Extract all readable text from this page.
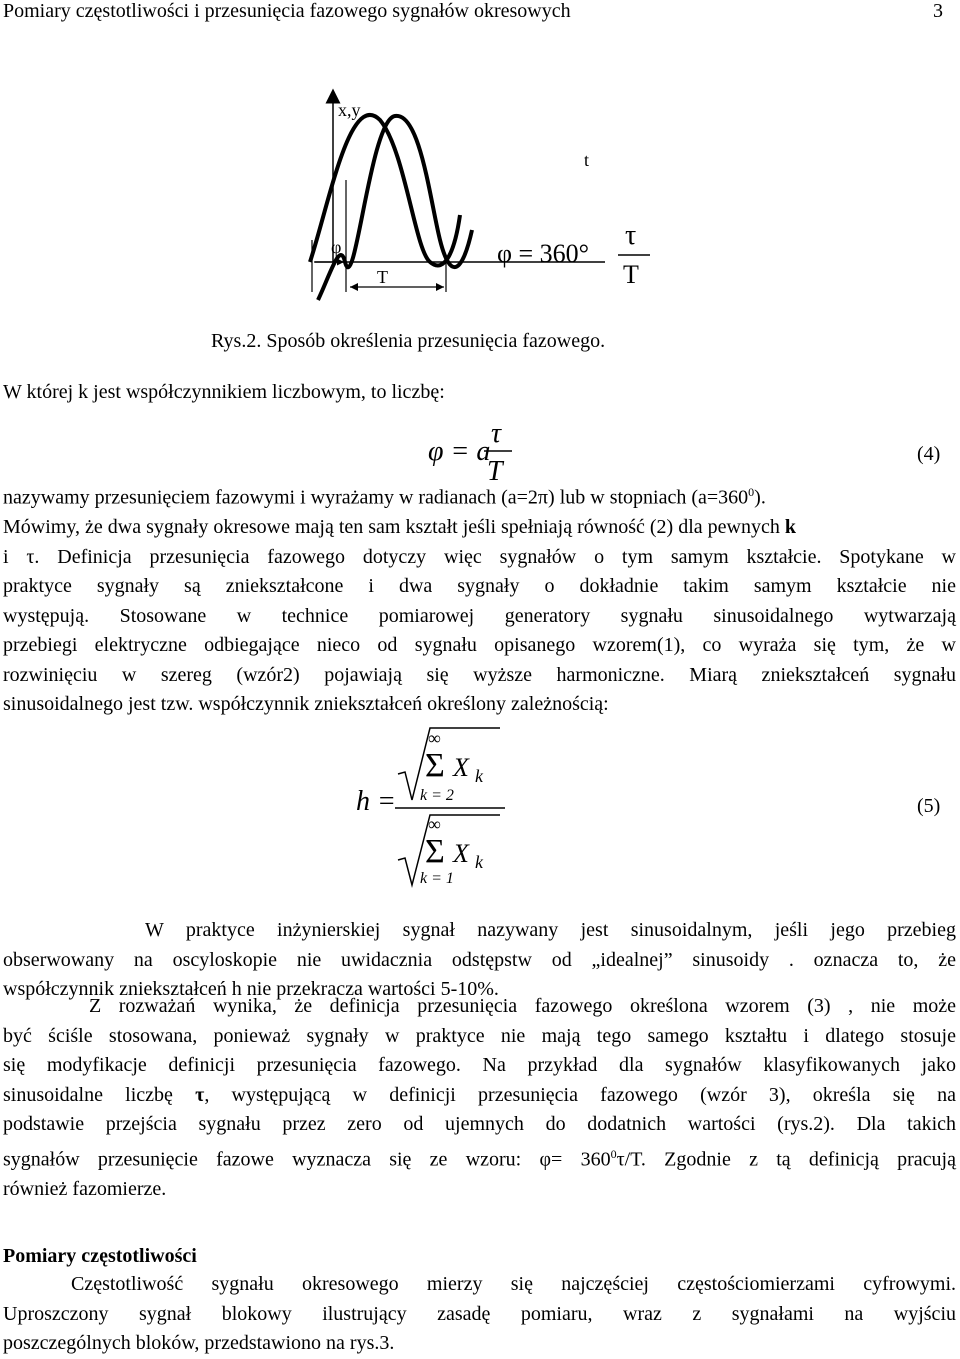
Pomiary częstotliwości i przesunięcia fazowego sygnałów okresowych	3
x,y
t
φ
T
φ = 360°
τ
T
Rys.2. Sposób określenia przesunięcia fazowego.
W której k jest współczynnikiem liczbowym, to liczbę:
φ = a
τ
T
(4)
nazywamy przesunięciem fazowymi i wyrażamy w radianach (a=2π) lub w stopniach $(a=360^0)$.
Mówimy, że dwa sygnały okresowe mają ten sam kształt jeśli spełniają równość (2) dla pewnych k
i τ. Definicja przesunięcia fazowego dotyczy więc sygnałów o tym samym kształcie. Spotykane w
praktyce sygnały są zniekształcone i dwa sygnały o dokładnie takim samym kształcie nie
występują. Stosowane w technice pomiarowej generatory sygnału sinusoidalnego wytwarzają
przebiegi elektryczne odbiegające nieco od sygnału opisanego wzorem(1), co wyraża się tym, że w
rozwinięciu w szereg (wzór2) pojawiają się wyższe harmoniczne. Miarą zniekształceń sygnału
sinusoidalnego jest tzw. współczynnik zniekształceń określony zależnością:
h =
∞
Σ X k
k = 2
∞
Σ X k
k = 1
(5)
W praktyce inżynierskiej sygnał nazywany jest sinusoidalnym, jeśli jego przebieg
obserwowany na oscyloskopie nie uwidacznia odstępstw od „idealnej” sinusoidy . oznacza to, że
współczynnik zniekształceń h nie przekracza wartości 5-10%.
Z rozważań wynika, że definicja przesunięcia fazowego określona wzorem (3) , nie może
być ściśle stosowana, ponieważ sygnały w praktyce nie mają tego samego kształtu i dlatego stosuje
się modyfikacje definicji przesunięcia fazowego. Na przykład dla sygnałów klasyfikowanych jako
sinusoidalne liczbę τ, występującą w definicji przesunięcia fazowego (wzór 3), określa się na
podstawie przejścia sygnału przez zero od ujemnych do dodatnich wartości (rys.2). Dla takich
sygnałów przesunięcie fazowe wyznacza się ze wzoru: $\varphi= 360^0\tau/T$. Zgodnie z tą definicją pracują
również fazomierze.
Pomiary częstotliwości
Częstotliwość sygnału okresowego mierzy się najczęściej częstościomierzami cyfrowymi.
Uproszczony sygnał blokowy ilustrujący zasadę pomiaru, wraz z sygnałami na wyjściu
poszczególnych bloków, przedstawiono na rys.3.
